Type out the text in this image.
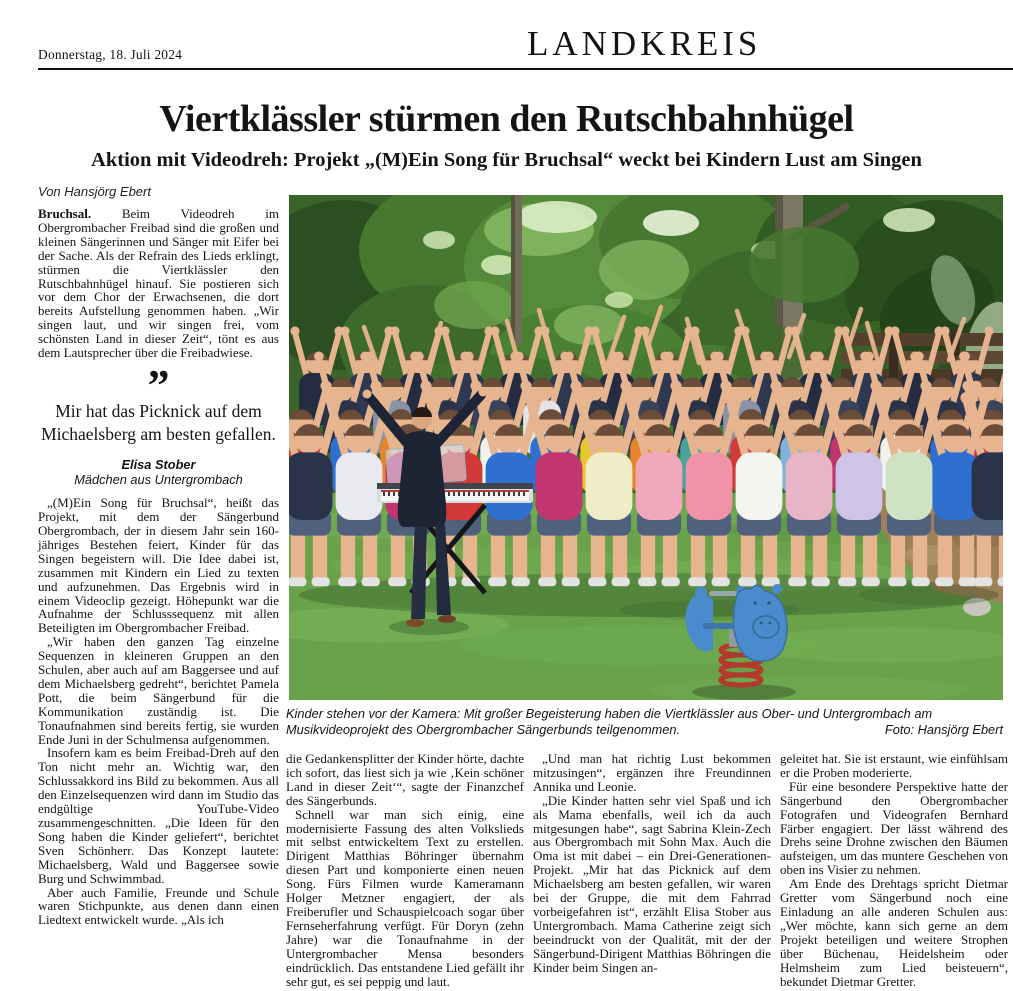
Donnerstag, 18. Juli 2024	LANDKREIS
Viertklässler stürmen den Rutschbahnhügel
Aktion mit Videodreh: Projekt „(M)Ein Song für Bruchsal“ weckt bei Kindern Lust am Singen
Von Hansjörg Ebert

Bruchsal. Beim Videodreh im Obergrombacher Freibad sind die großen und kleinen Sängerinnen und Sänger mit Eifer bei der Sache. Als der Refrain des Lieds erklingt, stürmen die Viertklässler den Rutschbahnhügel hinauf. Sie postieren sich vor dem Chor der Erwachsenen, die dort bereits Aufstellung genommen haben. „Wir singen laut, und wir singen frei, vom schönsten Land in dieser Zeit“, tönt es aus dem Lautsprecher über die Freibadwiese.

”
Mir hat das Picknick auf dem Michaelsberg am besten gefallen.
Elisa Stober
Mädchen aus Untergrombach

„(M)Ein Song für Bruchsal“, heißt das Projekt, mit dem der Sängerbund Obergrombach, der in diesem Jahr sein 160-jähriges Bestehen feiert, Kinder für das Singen begeistern will. Die Idee dabei ist, zusammen mit Kindern ein Lied zu texten und aufzunehmen. Das Ergebnis wird in einem Videoclip gezeigt. Höhepunkt war die Aufnahme der Schlusssequenz mit allen Beteiligten im Obergrombacher Freibad.

„Wir haben den ganzen Tag einzelne Sequenzen in kleineren Gruppen an den Schulen, aber auch auf am Baggersee und auf dem Michaelsberg gedreht“, berichtet Pamela Pott, die beim Sängerbund für die Kommunikation zuständig ist. Die Tonaufnahmen sind bereits fertig, sie wurden Ende Juni in der Schulmensa aufgenommen.

Insofern kam es beim Freibad-Dreh auf den Ton nicht mehr an. Wichtig war, den Schlussakkord ins Bild zu bekommen. Aus all den Einzelsequenzen wird dann im Studio das endgültige YouTube-Video zusammengeschnitten. „Die Ideen für den Song haben die Kinder geliefert“, berichtet Sven Schönherr. Das Konzept lautete: Michaelsberg, Wald und Baggersee sowie Burg und Schwimmbad.

Aber auch Familie, Freunde und Schule waren Stichpunkte, aus denen dann einen Liedtext entwickelt wurde. „Als ich

Kinder stehen vor der Kamera: Mit großer Begeisterung haben die Viertklässler aus Ober- und Untergrombach am Musikvideoprojekt des Obergrombacher Sängerbunds teilgenommen.	Foto: Hansjörg Ebert

die Gedankensplitter der Kinder hörte, dachte ich sofort, das liest sich ja wie ‚Kein schöner Land in dieser Zeit‘“, sagte der Finanzchef des Sängerbunds.

Schnell war man sich einig, eine modernisierte Fassung des alten Volkslieds mit selbst entwickeltem Text zu erstellen. Dirigent Matthias Böhringer übernahm diesen Part und komponierte einen neuen Song. Fürs Filmen wurde Kameramann Holger Metzner engagiert, der als Freiberufler und Schauspielcoach sogar über Fernseherfahrung verfügt. Für Doryn (zehn Jahre) war die Tonaufnahme in der Untergrombacher Mensa besonders eindrücklich. Das entstandene Lied gefällt ihr sehr gut, es sei peppig und laut.

„Und man hat richtig Lust bekommen mitzusingen“, ergänzen ihre Freundinnen Annika und Leonie.

„Die Kinder hatten sehr viel Spaß und ich als Mama ebenfalls, weil ich da auch mitgesungen habe“, sagt Sabrina Klein-Zech aus Obergrombach mit Sohn Max. Auch die Oma ist mit dabei – ein Drei-Generationen-Projekt. „Mir hat das Picknick auf dem Michaelsberg am besten gefallen, wir waren bei der Gruppe, die mit dem Fahrrad vorbeigefahren ist“, erzählt Elisa Stober aus Untergrombach. Mama Catherine zeigt sich beeindruckt von der Qualität, mit der der Sängerbund-Dirigent Matthias Böhringen die Kinder beim Singen an-

geleitet hat. Sie ist erstaunt, wie einfühlsam er die Proben moderierte.

Für eine besondere Perspektive hatte der Sängerbund den Obergrombacher Fotografen und Videografen Bernhard Färber engagiert. Der lässt während des Drehs seine Drohne zwischen den Bäumen aufsteigen, um das muntere Geschehen von oben ins Visier zu nehmen.

Am Ende des Drehtags spricht Dietmar Gretter vom Sängerbund noch eine Einladung an alle anderen Schulen aus: „Wer möchte, kann sich gerne an dem Projekt beteiligen und weitere Strophen über Büchenau, Heidelsheim oder Helmsheim zum Lied beisteuern“, bekundet Dietmar Gretter.
